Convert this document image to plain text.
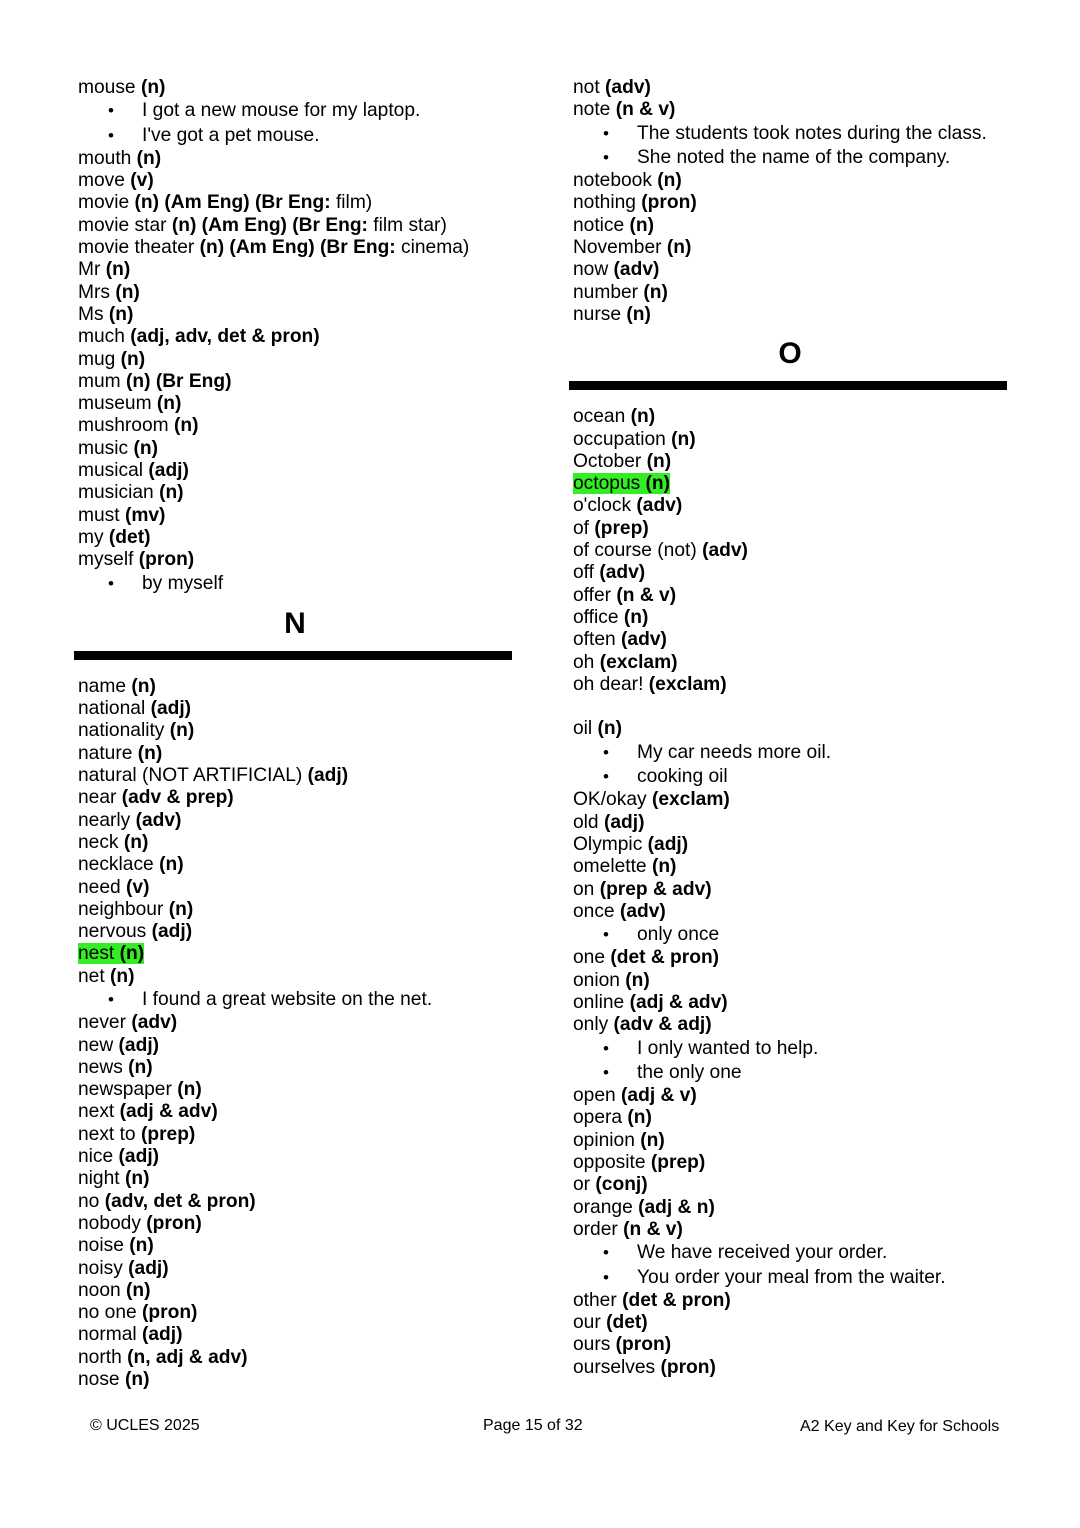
mouse (n)
• I got a new mouse for my laptop.
• I've got a pet mouse.
mouth (n)
move (v)
movie (n) (Am Eng) (Br Eng: film)
movie star (n) (Am Eng) (Br Eng: film star)
movie theater (n) (Am Eng) (Br Eng: cinema)
Mr (n)
Mrs (n)
Ms (n)
much (adj, adv, det & pron)
mug (n)
mum (n) (Br Eng)
museum (n)
mushroom (n)
music (n)
musical (adj)
musician (n)
must (mv)
my (det)
myself (pron)
• by myself
N
name (n)
national (adj)
nationality (n)
nature (n)
natural (NOT ARTIFICIAL) (adj)
near (adv & prep)
nearly (adv)
neck (n)
necklace (n)
need (v)
neighbour (n)
nervous (adj)
nest (n)
net (n)
• I found a great website on the net.
never (adv)
new (adj)
news (n)
newspaper (n)
next (adj & adv)
next to (prep)
nice (adj)
night (n)
no (adv, det & pron)
nobody (pron)
noise (n)
noisy (adj)
noon (n)
no one (pron)
normal (adj)
north (n, adj & adv)
nose (n)
not (adv)
note (n & v)
• The students took notes during the class.
• She noted the name of the company.
notebook (n)
nothing (pron)
notice (n)
November (n)
now (adv)
number (n)
nurse (n)
O
ocean (n)
occupation (n)
October (n)
octopus (n)
o'clock (adv)
of (prep)
of course (not) (adv)
off (adv)
offer (n & v)
office (n)
often (adv)
oh (exclam)
oh dear! (exclam)
oil (n)
• My car needs more oil.
• cooking oil
OK/okay (exclam)
old (adj)
Olympic (adj)
omelette (n)
on (prep & adv)
once (adv)
• only once
one (det & pron)
onion (n)
online (adj & adv)
only (adv & adj)
• I only wanted to help.
• the only one
open (adj & v)
opera (n)
opinion (n)
opposite (prep)
or (conj)
orange (adj & n)
order (n & v)
• We have received your order.
• You order your meal from the waiter.
other (det & pron)
our (det)
ours (pron)
ourselves (pron)
© UCLES 2025	Page 15 of 32	A2 Key and Key for Schools
